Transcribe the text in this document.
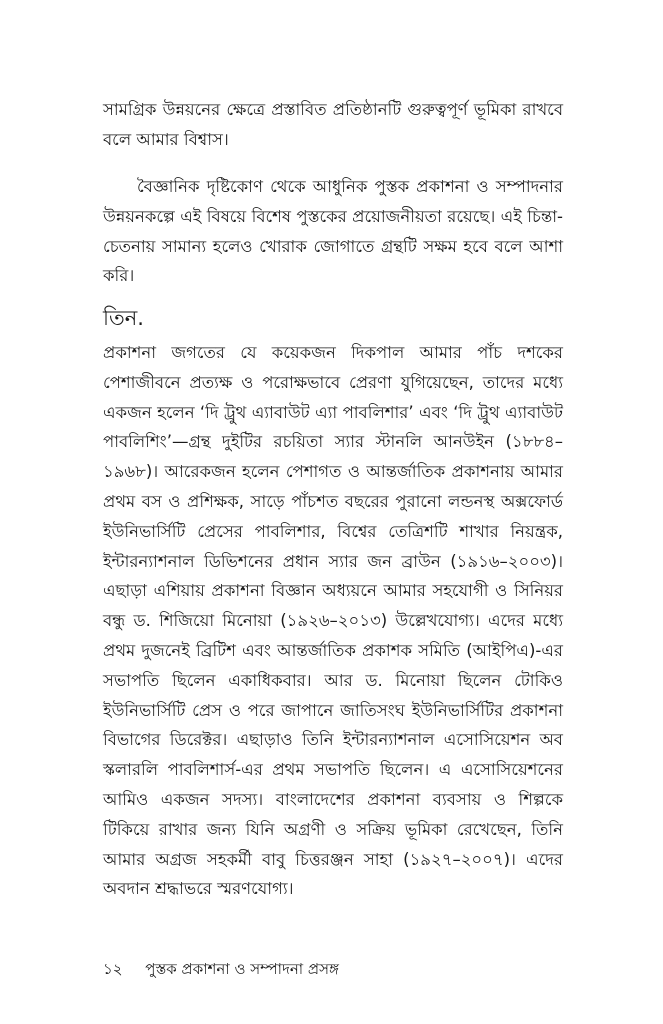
সামগ্রিক উন্নয়নের ক্ষেত্রে প্রস্তাবিত প্রতিষ্ঠানটি গুরুত্বপূর্ণ ভূমিকা রাখবে বলে আমার বিশ্বাস।

বৈজ্ঞানিক দৃষ্টিকোণ থেকে আধুনিক পুস্তক প্রকাশনা ও সম্পাদনার উন্নয়নকল্পে এই বিষয়ে বিশেষ পুস্তকের প্রয়োজনীয়তা রয়েছে। এই চিন্তা-চেতনায় সামান্য হলেও খোরাক জোগাতে গ্রন্থটি সক্ষম হবে বলে আশা করি।

তিন.

প্রকাশনা জগতের যে কয়েকজন দিকপাল আমার পাঁচ দশকের পেশাজীবনে প্রত্যক্ষ ও পরোক্ষভাবে প্রেরণা যুগিয়েছেন, তাদের মধ্যে একজন হলেন ‘দি ট্রুথ এ্যাবাউট এ্যা পাবলিশার’ এবং ‘দি ট্রুথ এ্যাবাউট পাবলিশিং’—গ্রন্থ দুইটির রচয়িতা স্যার স্টানলি আনউইন (১৮৮৪–১৯৬৮)। আরেকজন হলেন পেশাগত ও আন্তর্জাতিক প্রকাশনায় আমার প্রথম বস ও প্রশিক্ষক, সাড়ে পাঁচশত বছরের পুরানো লন্ডনস্থ অক্সফোর্ড ইউনিভার্সিটি প্রেসের পাবলিশার, বিশ্বের তেত্রিশটি শাখার নিয়ন্ত্রক, ইন্টারন্যাশনাল ডিভিশনের প্রধান স্যার জন ব্রাউন (১৯১৬–২০০৩)। এছাড়া এশিয়ায় প্রকাশনা বিজ্ঞান অধ্যয়নে আমার সহযোগী ও সিনিয়র বন্ধু ড. শিজিয়ো মিনোয়া (১৯২৬–২০১৩) উল্লেখযোগ্য। এদের মধ্যে প্রথম দুজনেই ব্রিটিশ এবং আন্তর্জাতিক প্রকাশক সমিতি (আইপিএ)-এর সভাপতি ছিলেন একাধিকবার। আর ড. মিনোয়া ছিলেন টোকিও ইউনিভার্সিটি প্রেস ও পরে জাপানে জাতিসংঘ ইউনিভার্সিটির প্রকাশনা বিভাগের ডিরেক্টর। এছাড়াও তিনি ইন্টারন্যাশনাল এসোসিয়েশন অব স্কলারলি পাবলিশার্স-এর প্রথম সভাপতি ছিলেন। এ এসোসিয়েশনের আমিও একজন সদস্য। বাংলাদেশের প্রকাশনা ব্যবসায় ও শিল্পকে টিকিয়ে রাখার জন্য যিনি অগ্রণী ও সক্রিয় ভূমিকা রেখেছেন, তিনি আমার অগ্রজ সহকর্মী বাবু চিত্তরঞ্জন সাহা (১৯২৭–২০০৭)। এদের অবদান শ্রদ্ধাভরে স্মরণযোগ্য।

১২ পুস্তক প্রকাশনা ও সম্পাদনা প্রসঙ্গ
